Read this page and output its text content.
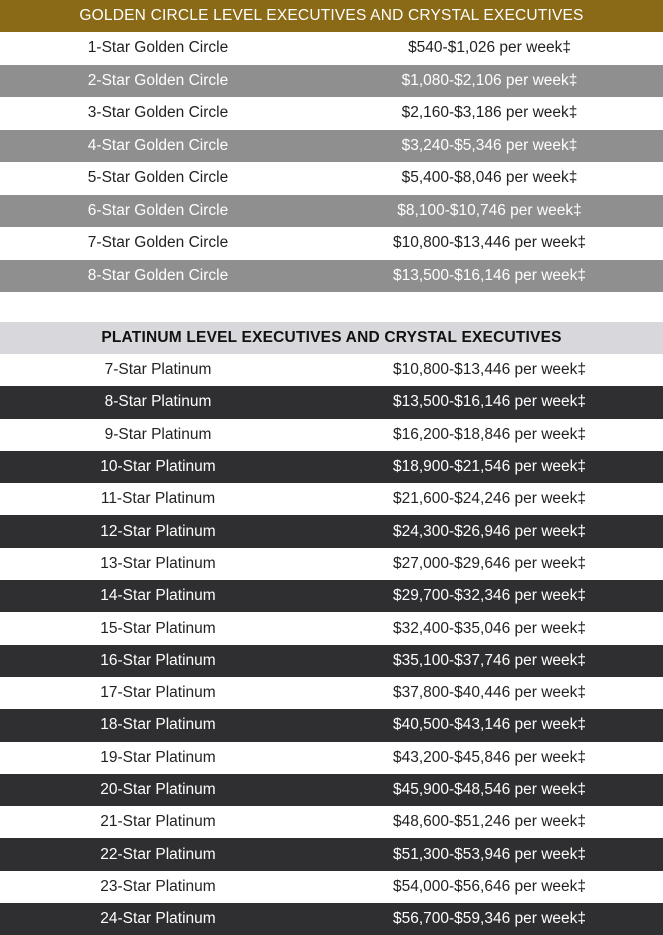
GOLDEN CIRCLE LEVEL EXECUTIVES AND CRYSTAL EXECUTIVES
1-Star Golden Circle	$540-$1,026 per week‡
2-Star Golden Circle	$1,080-$2,106 per week‡
3-Star Golden Circle	$2,160-$3,186 per week‡
4-Star Golden Circle	$3,240-$5,346 per week‡
5-Star Golden Circle	$5,400-$8,046 per week‡
6-Star Golden Circle	$8,100-$10,746 per week‡
7-Star Golden Circle	$10,800-$13,446 per week‡
8-Star Golden Circle	$13,500-$16,146 per week‡
PLATINUM LEVEL EXECUTIVES AND CRYSTAL EXECUTIVES
7-Star Platinum	$10,800-$13,446 per week‡
8-Star Platinum	$13,500-$16,146 per week‡
9-Star Platinum	$16,200-$18,846 per week‡
10-Star Platinum	$18,900-$21,546 per week‡
11-Star Platinum	$21,600-$24,246 per week‡
12-Star Platinum	$24,300-$26,946 per week‡
13-Star Platinum	$27,000-$29,646 per week‡
14-Star Platinum	$29,700-$32,346 per week‡
15-Star Platinum	$32,400-$35,046 per week‡
16-Star Platinum	$35,100-$37,746 per week‡
17-Star Platinum	$37,800-$40,446 per week‡
18-Star Platinum	$40,500-$43,146 per week‡
19-Star Platinum	$43,200-$45,846 per week‡
20-Star Platinum	$45,900-$48,546 per week‡
21-Star Platinum	$48,600-$51,246 per week‡
22-Star Platinum	$51,300-$53,946 per week‡
23-Star Platinum	$54,000-$56,646 per week‡
24-Star Platinum	$56,700-$59,346 per week‡
